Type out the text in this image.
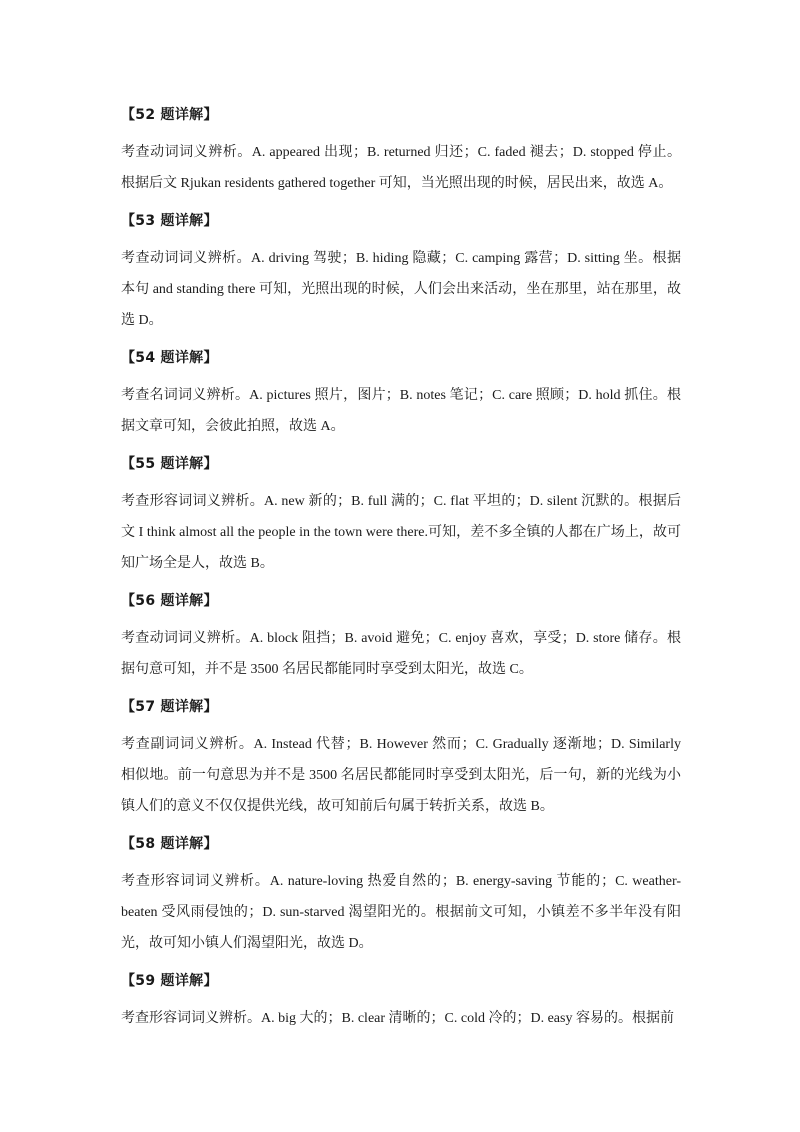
【52 题详解】

考查动词词义辨析。A. appeared 出现；B. returned 归还；C. faded 褪去；D. stopped 停止。根据后文 Rjukan residents gathered together 可知，当光照出现的时候，居民出来，故选 A。

【53 题详解】

考查动词词义辨析。A. driving 驾驶；B. hiding 隐藏；C. camping 露营；D. sitting 坐。根据本句 and standing there 可知，光照出现的时候，人们会出来活动，坐在那里，站在那里，故选 D。

【54 题详解】

考查名词词义辨析。A. pictures 照片，图片；B. notes 笔记；C. care 照顾；D. hold 抓住。根据文章可知，会彼此拍照，故选 A。

【55 题详解】

考查形容词词义辨析。A. new 新的；B. full 满的；C. flat 平坦的；D. silent 沉默的。根据后文 I think almost all the people in the town were there.可知，差不多全镇的人都在广场上，故可知广场全是人，故选 B。

【56 题详解】

考查动词词义辨析。A. block 阻挡；B. avoid 避免；C. enjoy 喜欢，享受；D. store 储存。根据句意可知，并不是 3500 名居民都能同时享受到太阳光，故选 C。

【57 题详解】

考查副词词义辨析。A. Instead 代替；B. However 然而；C. Gradually 逐渐地；D. Similarly 相似地。前一句意思为并不是 3500 名居民都能同时享受到太阳光，后一句，新的光线为小镇人们的意义不仅仅提供光线，故可知前后句属于转折关系，故选 B。

【58 题详解】

考查形容词词义辨析。A. nature-loving 热爱自然的；B. energy-saving 节能的；C. weather-beaten 受风雨侵蚀的；D. sun-starved 渴望阳光的。根据前文可知，小镇差不多半年没有阳光，故可知小镇人们渴望阳光，故选 D。

【59 题详解】

考查形容词词义辨析。A. big 大的；B. clear 清晰的；C. cold 冷的；D. easy 容易的。根据前
